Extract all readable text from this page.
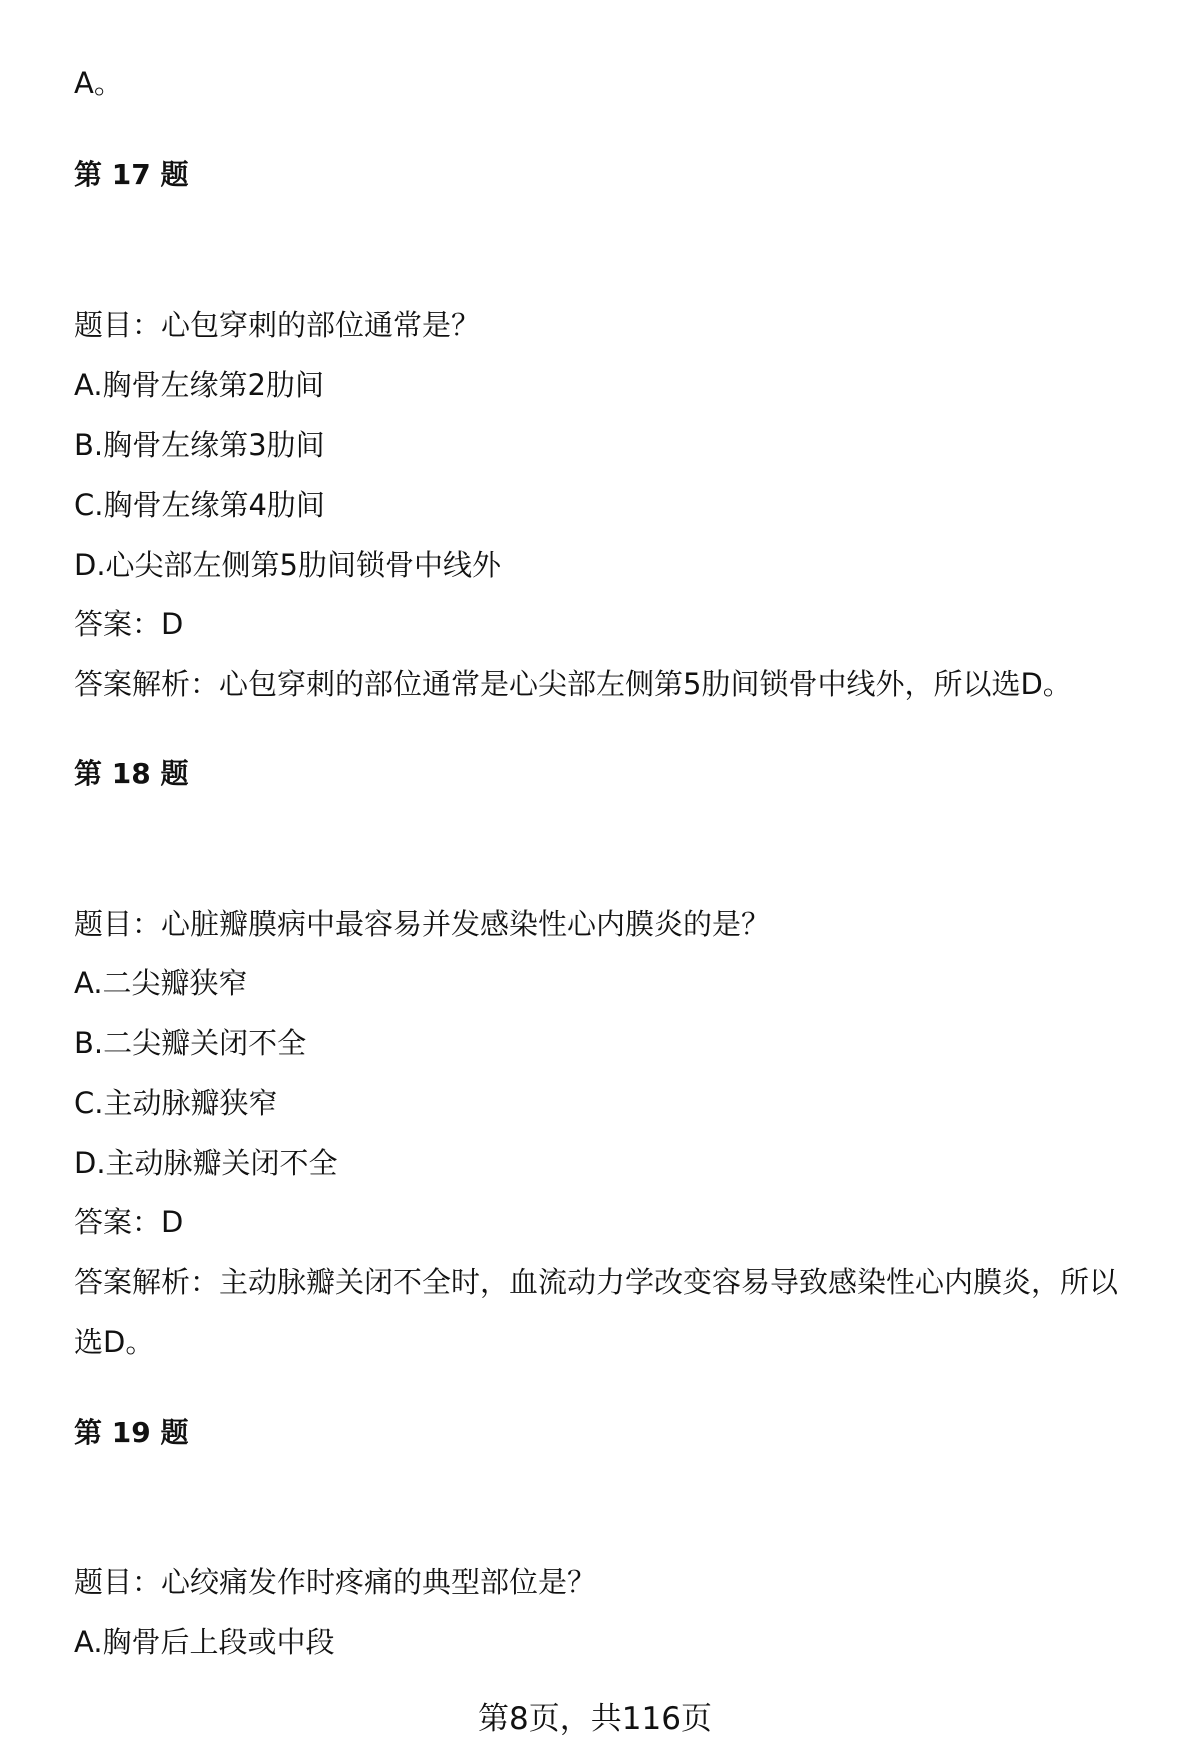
A。
第 17 题
题目：心包穿刺的部位通常是？
A.胸骨左缘第2肋间
B.胸骨左缘第3肋间
C.胸骨左缘第4肋间
D.心尖部左侧第5肋间锁骨中线外
答案：D
答案解析：心包穿刺的部位通常是心尖部左侧第5肋间锁骨中线外，所以选D。
第 18 题
题目：心脏瓣膜病中最容易并发感染性心内膜炎的是？
A.二尖瓣狭窄
B.二尖瓣关闭不全
C.主动脉瓣狭窄
D.主动脉瓣关闭不全
答案：D
答案解析：主动脉瓣关闭不全时，血流动力学改变容易导致感染性心内膜炎，所以
选D。
第 19 题
题目：心绞痛发作时疼痛的典型部位是？
A.胸骨后上段或中段
第8页，共116页
